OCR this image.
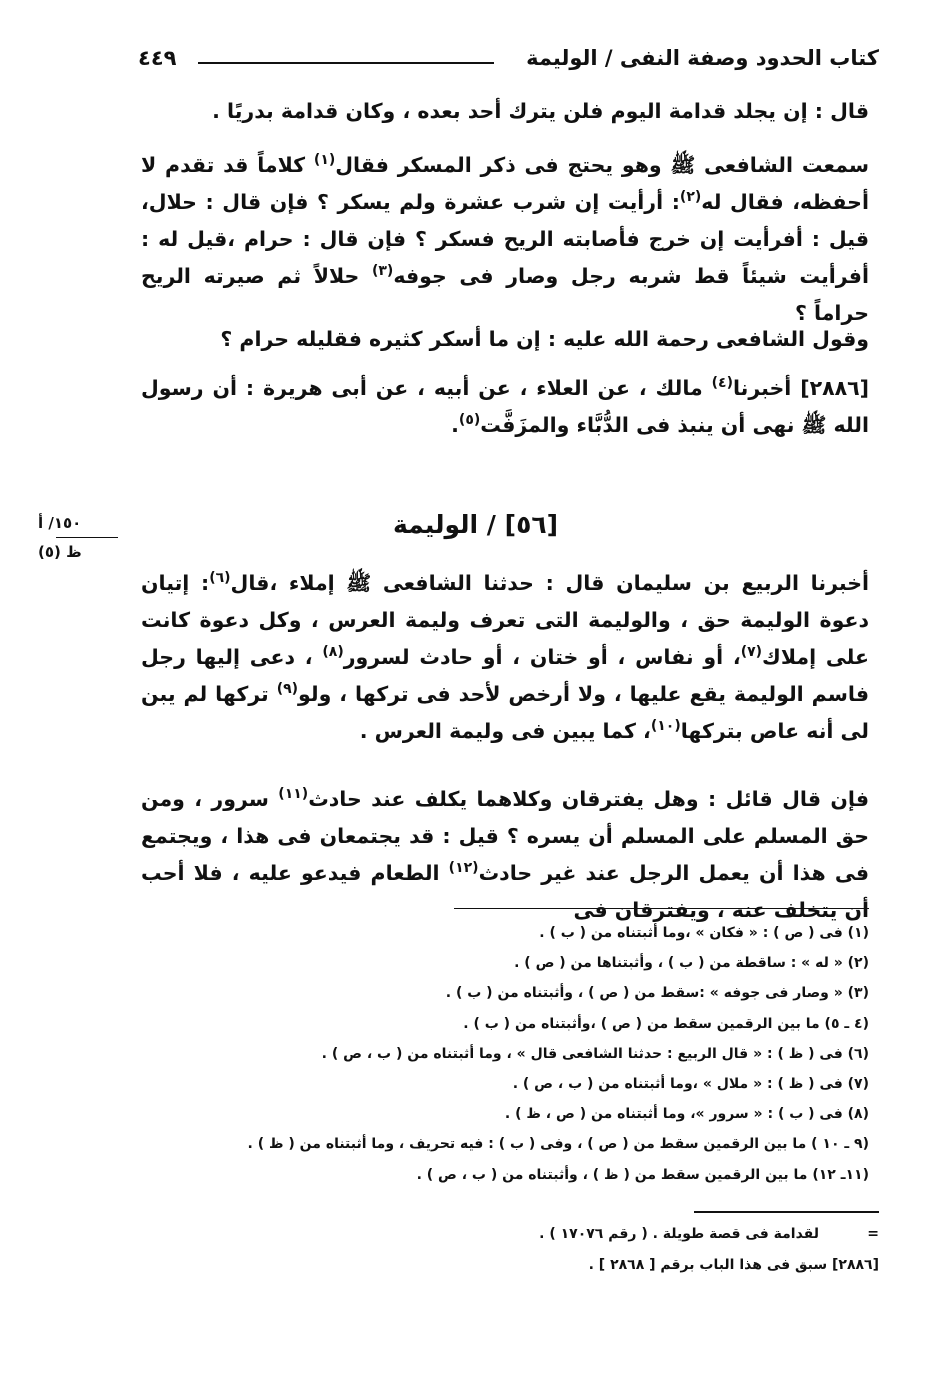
كتاب الحدود وصفة النفى / الوليمة
٤٤٩
قال : إن يجلد قدامة اليوم فلن يترك أحد بعده ، وكان قدامة بدريًا .
سمعت الشافعى ﷺ وهو يحتج فى ذكر المسكر فقال$^{(١)}$ كلاماً قد تقدم لا أحفظه، فقال له$^{(٢)}$: أرأيت إن شرب عشرة ولم يسكر ؟ فإن قال : حلال، قيل : أفرأيت إن خرج فأصابته الريح فسكر ؟ فإن قال : حرام ،قيل له : أفرأيت شيئاً قط شربه رجل وصار فى جوفه$^{(٣)}$ حلالاً ثم صيرته الريح حراماً ؟
وقول الشافعى رحمة الله عليه : إن ما أسكر كثيره فقليله حرام ؟
[٢٨٨٦] أخبرنا$^{(٤)}$ مالك ، عن العلاء ، عن أبيه ، عن أبى هريرة : أن رسول الله ﷺ نهى أن ينبذ فى الدُّبَّاء والمزَفَّت$^{(٥)}$.
[٥٦] / الوليمة
١٥٠/ أ
ظ (٥)
أخبرنا الربيع بن سليمان قال : حدثنا الشافعى ﷺ إملاء ،قال$^{(٦)}$: إتيان دعوة الوليمة حق ، والوليمة التى تعرف وليمة العرس ، وكل دعوة كانت على إملاك$^{(٧)}$، أو نفاس ، أو ختان ، أو حادث لسرور$^{(٨)}$ ، دعى إليها رجل فاسم الوليمة يقع عليها ، ولا أرخص لأحد فى تركها ، ولو$^{(٩)}$ تركها لم يبن لى أنه عاص بتركها$^{(١٠)}$، كما يبين فى وليمة العرس .
فإن قال قائل : وهل يفترقان وكلاهما يكلف عند حادث$^{(١١)}$ سرور ، ومن حق المسلم على المسلم أن يسره ؟ قيل : قد يجتمعان فى هذا ، ويجتمع فى هذا أن يعمل الرجل عند غير حادث$^{(١٢)}$ الطعام فيدعو عليه ، فلا أحب أن يتخلف عنه ، ويفترقان فى
(١) فى ( ص ) : « فكان » ،وما أثبتناه من ( ب ) .
(٢) « له » : ساقطة من ( ب ) ، وأثبتناها من ( ص ) .
(٣) « وصار فى جوفه » :سقط من ( ص ) ، وأثبتناه من ( ب ) .
(٤ ـ ٥) ما بين الرقمين سقط من ( ص ) ،وأثبتناه من ( ب ) .
(٦) فى ( ظ ) : « قال الربيع : حدثنا الشافعى قال » ، وما أثبتناه من ( ب ، ص ) .
(٧) فى ( ظ ) : « ملال » ،وما أثبتناه من ( ب ، ص ) .
(٨) فى ( ب ) : « سرور »، وما أثبتناه من ( ص ، ظ ) .
(٩ ـ ١٠ ) ما بين الرقمين سقط من ( ص ) ، وفى ( ب ) : فيه تحريف ، وما أثبتناه من ( ظ ) .
(١١ـ ١٢) ما بين الرقمين سقط من ( ظ ) ، وأثبتناه من ( ب ، ص ) .
=لقدامة فى قصة طويلة . ( رقم ١٧٠٧٦ ) .
[٢٨٨٦] سبق فى هذا الباب برقم [ ٢٨٦٨ ] .
